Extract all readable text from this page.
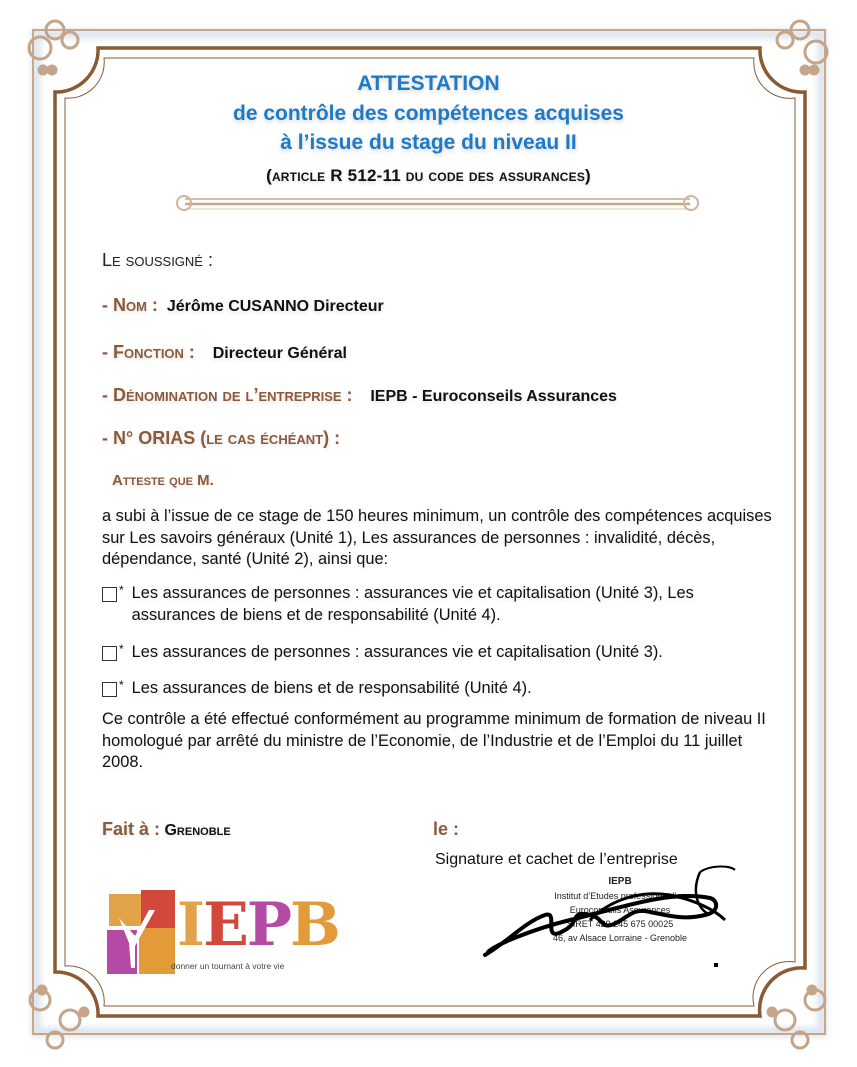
ATTESTATION
de contrôle des compétences acquises
à l’issue du stage du niveau II
(article R 512-11 du code des assurances)
Le soussigné :
- Nom : Jérôme CUSANNO Directeur
- Fonction : Directeur Général
- Dénomination de l’entreprise : IEPB - Euroconseils Assurances
- N° ORIAS (le cas échéant) :
Atteste que M.
a subi à l’issue de ce stage de 150 heures minimum, un contrôle des compétences acquises sur Les savoirs généraux (Unité 1), Les assurances de personnes : invalidité, décès, dépendance, santé (Unité 2), ainsi que:
* Les assurances de personnes : assurances vie et capitalisation (Unité 3), Les assurances de biens et de responsabilité (Unité 4).
* Les assurances de personnes : assurances vie et capitalisation (Unité 3).
* Les assurances de biens et de responsabilité (Unité 4).
Ce contrôle a été effectué conformément au programme minimum de formation de niveau II homologué par arrêté du ministre de l’Economie, de l’Industrie et de l’Emploi du 11 juillet 2008.
Fait à : Grenoble	le :
Signature et cachet de l’entreprise
IEPB
Institut d’Etudes professionnelles
Euroconseils Assurances
SIRET 429 245 675 00025
46, av Alsace Lorraine - Grenoble
IEPB
donner un tournant à votre vie
